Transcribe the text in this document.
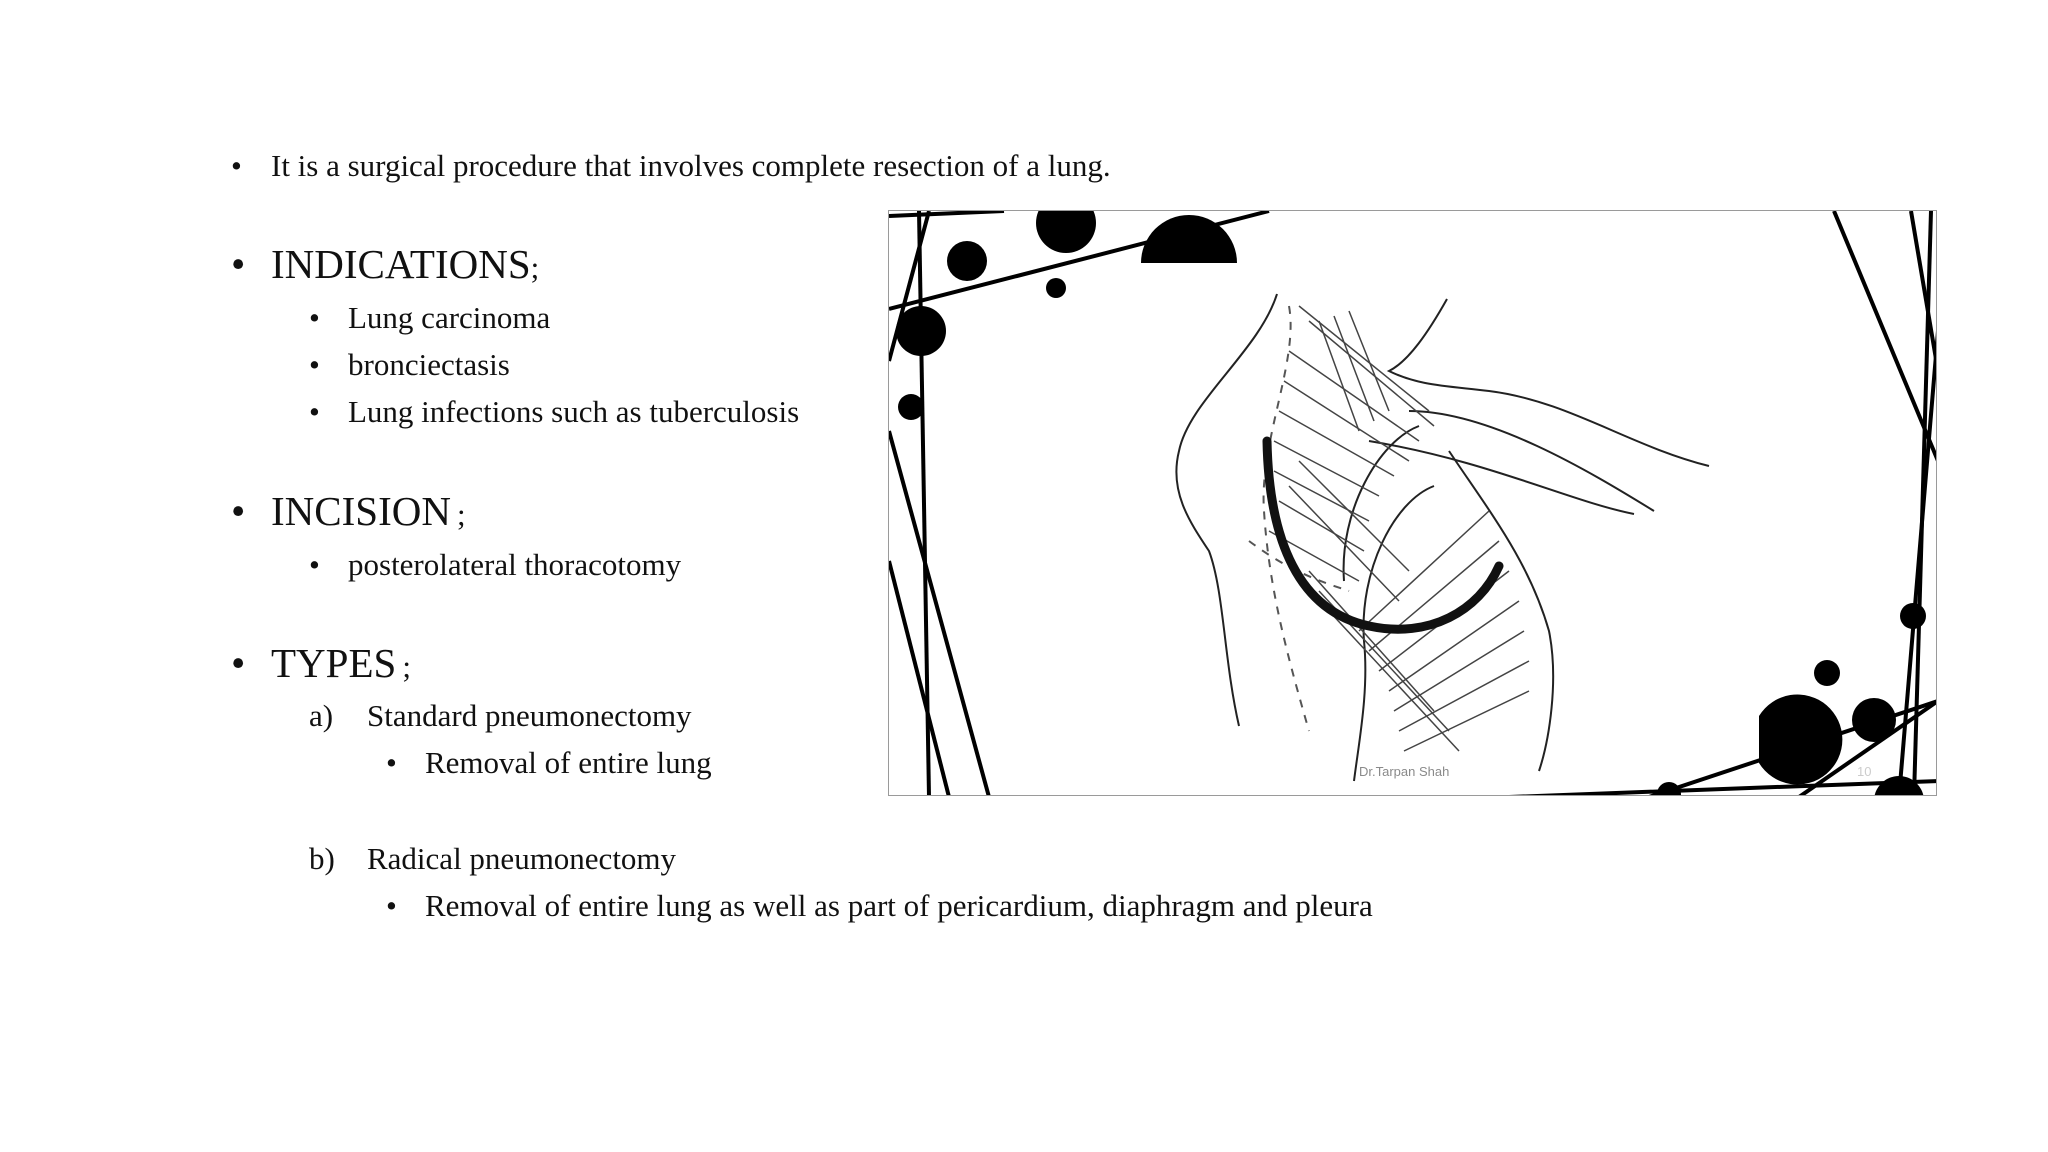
• It is a surgical procedure that involves complete resection of a lung.
• INDICATIONS;
• Lung carcinoma
• bronciectasis
• Lung infections such as tuberculosis
• INCISION ;
• posterolateral thoracotomy
• TYPES ;
a) Standard pneumonectomy
• Removal of entire lung
b) Radical pneumonectomy
• Removal of entire lung as well as part of pericardium, diaphragm and pleura
Dr.Tarpan Shah	10
